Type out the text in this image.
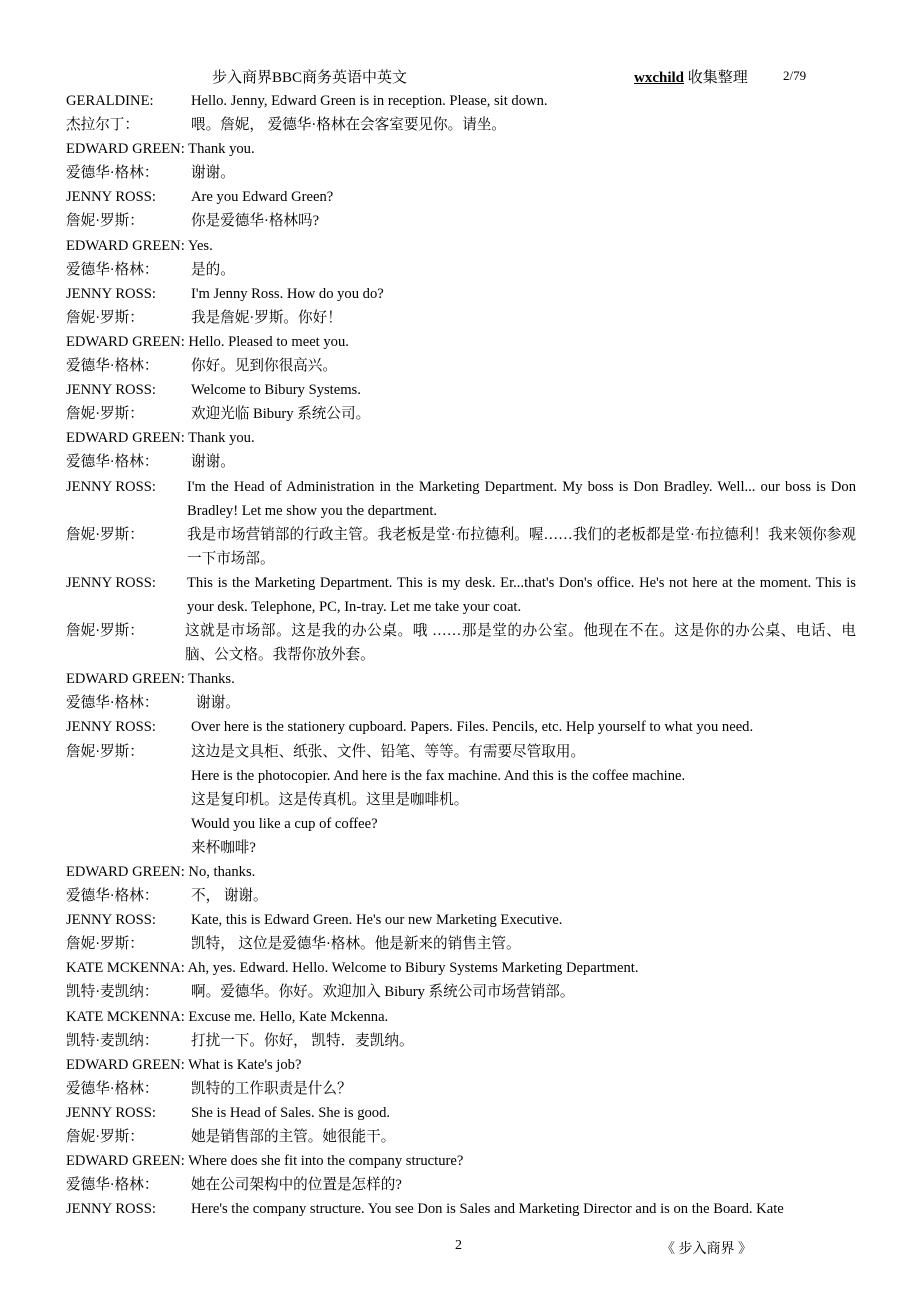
步入商界BBC商务英语中英文	wxchild 收集整理	2/79
GERALDINE:	Hello. Jenny, Edward Green is in reception. Please, sit down.
杰拉尔丁：	喂。詹妮， 爱德华·格林在会客室要见你。请坐。
EDWARD GREEN: Thank you.
爱德华·格林：	谢谢。
JENNY ROSS:	Are you Edward Green?
詹妮·罗斯：	你是爱德华·格林吗?
EDWARD GREEN: Yes.
爱德华·格林：	是的。
JENNY ROSS:	I'm Jenny Ross. How do you do?
詹妮·罗斯：	我是詹妮·罗斯。你好！
EDWARD GREEN: Hello. Pleased to meet you.
爱德华·格林：	你好。见到你很高兴。
JENNY ROSS:	Welcome to Bibury Systems.
詹妮·罗斯：	欢迎光临 Bibury 系统公司。
EDWARD GREEN: Thank you.
爱德华·格林：	谢谢。
JENNY ROSS:	I'm the Head of Administration in the Marketing Department. My boss is Don Bradley. Well... our boss is Don Bradley! Let me show you the department.
詹妮·罗斯：	我是市场营销部的行政主管。我老板是堂·布拉德利。喔……我们的老板都是堂·布拉德利！我来领你参观一下市场部。
JENNY ROSS:	This is the Marketing Department. This is my desk. Er...that's Don's office. He's not here at the moment. This is your desk. Telephone, PC, In-tray. Let me take your coat.
詹妮·罗斯：	这就是市场部。这是我的办公桌。哦 ……那是堂的办公室。他现在不在。这是你的办公桌、电话、电脑、公文格。我帮你放外套。
EDWARD GREEN: Thanks.
爱德华·格林：	谢谢。
JENNY ROSS:	Over here is the stationery cupboard. Papers. Files. Pencils, etc. Help yourself to what you need.
詹妮·罗斯：	这边是文具柜、纸张、文件、铅笔、等等。有需要尽管取用。
Here is the photocopier. And here is the fax machine. And this is the coffee machine.
这是复印机。这是传真机。这里是咖啡机。
Would you like a cup of coffee?
来杯咖啡?
EDWARD GREEN: No, thanks.
爱德华·格林：	不， 谢谢。
JENNY ROSS:	Kate, this is Edward Green. He's our new Marketing Executive.
詹妮·罗斯：	凯特， 这位是爱德华·格林。他是新来的销售主管。
KATE MCKENNA: Ah, yes. Edward. Hello. Welcome to Bibury Systems Marketing Department.
凯特·麦凯纳：	啊。爱德华。你好。欢迎加入 Bibury 系统公司市场营销部。
KATE MCKENNA: Excuse me. Hello, Kate Mckenna.
凯特·麦凯纳：	打扰一下。你好， 凯特．麦凯纳。
EDWARD GREEN: What is Kate's job?
爱德华·格林：	凯特的工作职责是什么？
JENNY ROSS:	She is Head of Sales. She is good.
詹妮·罗斯：	她是销售部的主管。她很能干。
EDWARD GREEN: Where does she fit into the company structure?
爱德华·格林：	她在公司架构中的位置是怎样的?
JENNY ROSS:	Here's the company structure. You see Don is Sales and Marketing Director and is on the Board. Kate
2	《 步入商界 》
